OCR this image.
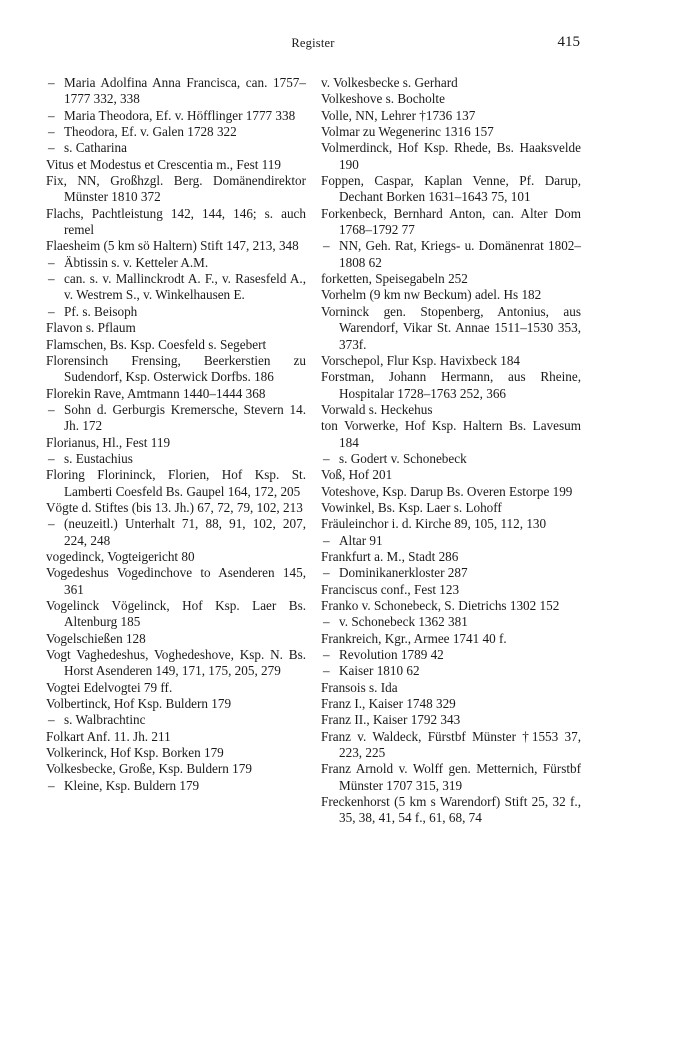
Register	415

–Maria Adolfina Anna Francisca, can. 1757–1777 332, 338

–Maria Theodora, Ef. v. Höfflinger 1777 338

–Theodora, Ef. v. Galen 1728 322

–s. Catharina

Vitus et Modestus et Crescentia m., Fest 119

Fix, NN, Großhzgl. Berg. Domänendirektor Münster 1810 372

Flachs, Pachtleistung 142, 144, 146; s. auch remel

Flaesheim (5 km sö Haltern) Stift 147, 213, 348

–Äbtissin s. v. Ketteler A.M.

–can. s. v. Mallinckrodt A. F., v. Rasesfeld A., v. Westrem S., v. Winkelhausen E.

–Pf. s. Beisoph

Flavon s. Pflaum

Flamschen, Bs. Ksp. Coesfeld s. Segebert

Florensinch Frensing, Beerkerstien zu Sudendorf, Ksp. Osterwick Dorfbs. 186

Florekin Rave, Amtmann 1440–1444 368

–Sohn d. Gerburgis Kremersche, Stevern 14. Jh. 172

Florianus, Hl., Fest 119

–s. Eustachius

Floring Florininck, Florien, Hof Ksp. St. Lamberti Coesfeld Bs. Gaupel 164, 172, 205

Vögte d. Stiftes (bis 13. Jh.) 67, 72, 79, 102, 213

–(neuzeitl.) Unterhalt 71, 88, 91, 102, 207, 224, 248

vogedinck, Vogteigericht 80

Vogedeshus Vogedinchove to Asenderen 145, 361

Vogelinck Vögelinck, Hof Ksp. Laer Bs. Altenburg 185

Vogelschießen 128

Vogt Vaghedeshus, Voghedeshove, Ksp. N. Bs. Horst Asenderen 149, 171, 175, 205, 279

Vogtei Edelvogtei 79 ff.

Volbertinck, Hof Ksp. Buldern 179

–s. Walbrachtinc

Folkart Anf. 11. Jh. 211

Volkerinck, Hof Ksp. Borken 179

Volkesbecke, Große, Ksp. Buldern 179

–Kleine, Ksp. Buldern 179

v. Volkesbecke s. Gerhard

Volkeshove s. Bocholte

Volle, NN, Lehrer †1736 137

Volmar zu Wegenerinc 1316 157

Volmerdinck, Hof Ksp. Rhede, Bs. Haaksvelde 190

Foppen, Caspar, Kaplan Venne, Pf. Darup, Dechant Borken 1631–1643 75, 101

Forkenbeck, Bernhard Anton, can. Alter Dom 1768–1792 77

–NN, Geh. Rat, Kriegs- u. Domänenrat 1802–1808 62

forketten, Speisegabeln 252

Vorhelm (9 km nw Beckum) adel. Hs 182

Vorninck gen. Stopenberg, Antonius, aus Warendorf, Vikar St. Annae 1511–1530 353, 373f.

Vorschepol, Flur Ksp. Havixbeck 184

Forstman, Johann Hermann, aus Rheine, Hospitalar 1728–1763 252, 366

Vorwald s. Heckehus

ton Vorwerke, Hof Ksp. Haltern Bs. Lavesum 184

–s. Godert v. Schonebeck

Voß, Hof 201

Voteshove, Ksp. Darup Bs. Overen Estorpe 199

Vowinkel, Bs. Ksp. Laer s. Lohoff

Fräuleinchor i. d. Kirche 89, 105, 112, 130

–Altar 91

Frankfurt a. M., Stadt 286

–Dominikanerkloster 287

Franciscus conf., Fest 123

Franko v. Schonebeck, S. Dietrichs 1302 152

–v. Schonebeck 1362 381

Frankreich, Kgr., Armee 1741 40 f.

–Revolution 1789 42

–Kaiser 1810 62

Fransois s. Ida

Franz I., Kaiser 1748 329

Franz II., Kaiser 1792 343

Franz v. Waldeck, Fürstbf Münster †1553 37, 223, 225

Franz Arnold v. Wolff gen. Metternich, Fürstbf Münster 1707 315, 319

Freckenhorst (5 km s Warendorf) Stift 25, 32 f., 35, 38, 41, 54 f., 61, 68, 74
